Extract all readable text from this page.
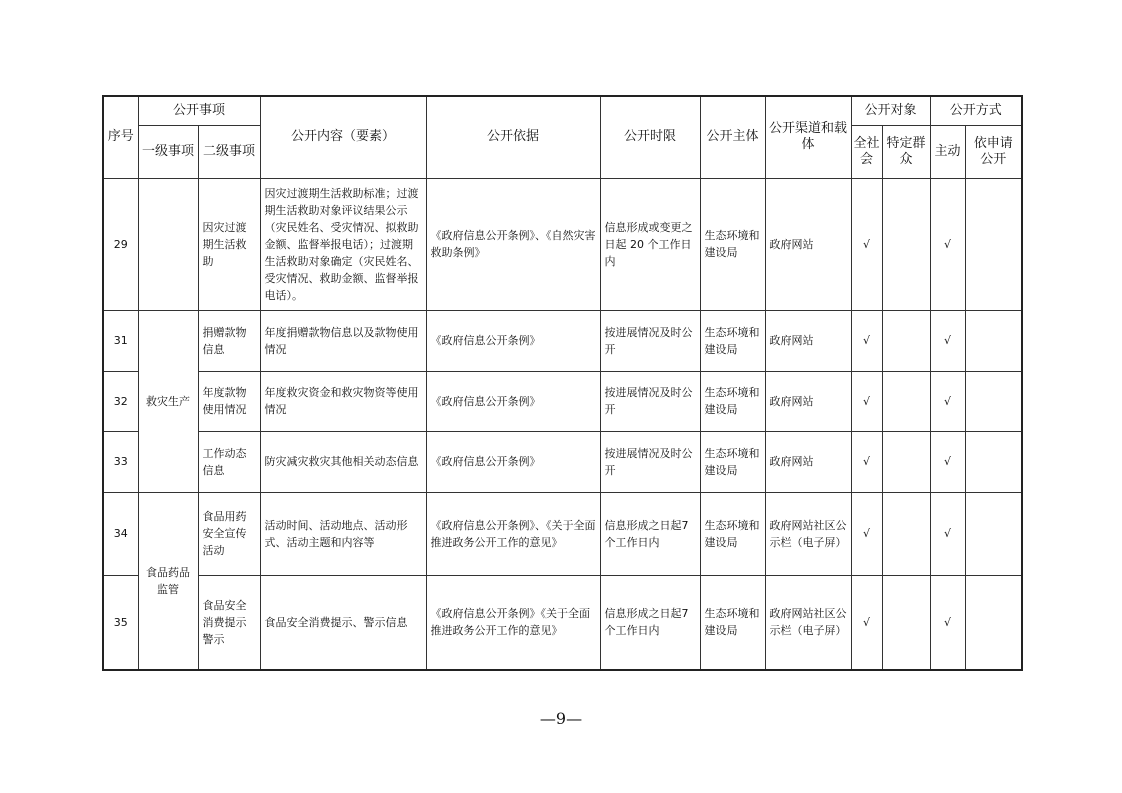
序号	公开事项		公开内容（要素）	公开依据	公开时限	公开主体	公开渠道和载体	公开对象		公开方式	
	一级事项	二级事项						全社会	特定群众	主动	依申请公开
29		因灾过渡期生活救助	因灾过渡期生活救助标准；过渡期生活救助对象评议结果公示（灾民姓名、受灾情况、拟救助金额、监督举报电话）；过渡期生活救助对象确定（灾民姓名、受灾情况、救助金额、监督举报电话）。	《政府信息公开条例》、《自然灾害救助条例》	信息形成或变更之日起 20 个工作日内	生态环境和建设局	政府网站	√		√	
31	救灾生产	捐赠款物信息	年度捐赠款物信息以及款物使用情况	《政府信息公开条例》	按进展情况及时公开	生态环境和建设局	政府网站	√		√	
32		年度款物使用情况	年度救灾资金和救灾物资等使用情况	《政府信息公开条例》	按进展情况及时公开	生态环境和建设局	政府网站	√		√	
33		工作动态信息	防灾减灾救灾其他相关动态信息	《政府信息公开条例》	按进展情况及时公开	生态环境和建设局	政府网站	√		√	
34	食品药品监管	食品用药安全宣传活动	活动时间、活动地点、活动形式、活动主题和内容等	《政府信息公开条例》、《关于全面推进政务公开工作的意见》	信息形成之日起7个工作日内	生态环境和建设局	政府网站社区公示栏（电子屏）	√		√	
35		食品安全消费提示警示	食品安全消费提示、警示信息	《政府信息公开条例》《关于全面推进政务公开工作的意见》	信息形成之日起7个工作日内	生态环境和建设局	政府网站社区公示栏（电子屏）	√		√	
—9—
